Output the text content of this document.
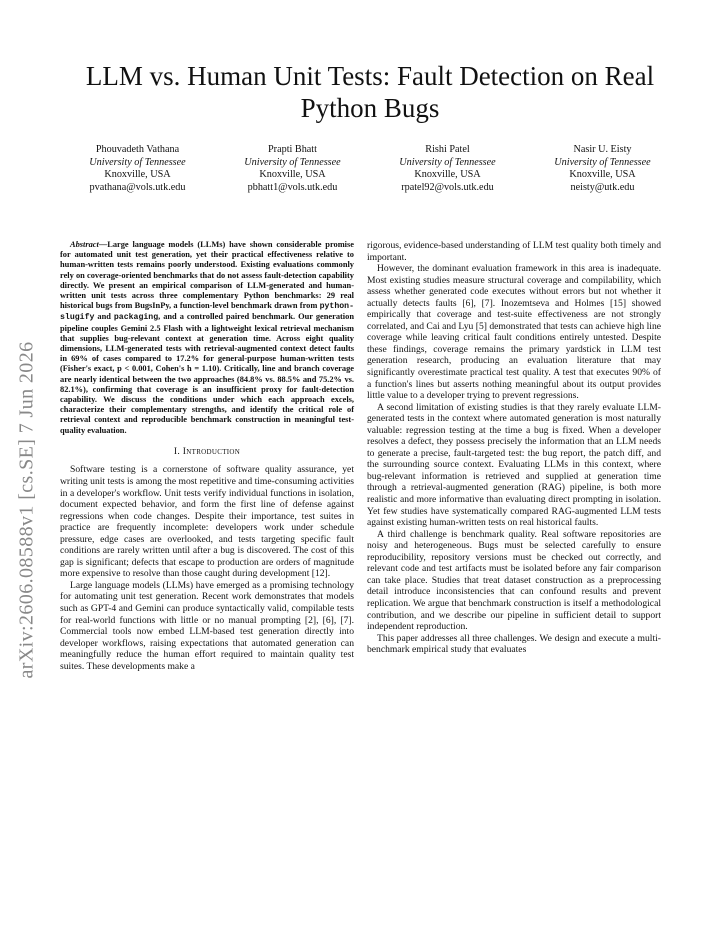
arXiv:2606.08588v1 [cs.SE] 7 Jun 2026
LLM vs. Human Unit Tests: Fault Detection on Real Python Bugs
Phouvadeth Vathana
University of Tennessee
Knoxville, USA
pvathana@vols.utk.edu
Prapti Bhatt
University of Tennessee
Knoxville, USA
pbhatt1@vols.utk.edu
Rishi Patel
University of Tennessee
Knoxville, USA
rpatel92@vols.utk.edu
Nasir U. Eisty
University of Tennessee
Knoxville, USA
neisty@utk.edu

Abstract—Large language models (LLMs) have shown considerable promise for automated unit test generation, yet their practical effectiveness relative to human-written tests remains poorly understood. Existing evaluations commonly rely on coverage-oriented benchmarks that do not assess fault-detection capability directly. We present an empirical comparison of LLM-generated and human-written unit tests across three complementary Python benchmarks: 29 real historical bugs from BugsInPy, a function-level benchmark drawn from python-slugify and packaging, and a controlled paired benchmark. Our generation pipeline couples Gemini 2.5 Flash with a lightweight lexical retrieval mechanism that supplies bug-relevant context at generation time. Across eight quality dimensions, LLM-generated tests with retrieval-augmented context detect faults in 69% of cases compared to 17.2% for general-purpose human-written tests (Fisher's exact, p < 0.001, Cohen's h = 1.10). Critically, line and branch coverage are nearly identical between the two approaches (84.8% vs. 88.5% and 75.2% vs. 82.1%), confirming that coverage is an insufficient proxy for fault-detection capability. We discuss the conditions under which each approach excels, characterize their complementary strengths, and identify the critical role of retrieval context and reproducible benchmark construction in meaningful test-quality evaluation.

I. Introduction

Software testing is a cornerstone of software quality assurance, yet writing unit tests is among the most repetitive and time-consuming activities in a developer's workflow. Unit tests verify individual functions in isolation, document expected behavior, and form the first line of defense against regressions when code changes. Despite their importance, test suites in practice are frequently incomplete: developers work under schedule pressure, edge cases are overlooked, and tests targeting specific fault conditions are rarely written until after a bug is discovered. The cost of this gap is significant; defects that escape to production are orders of magnitude more expensive to resolve than those caught during development [12].

Large language models (LLMs) have emerged as a promising technology for automating unit test generation. Recent work demonstrates that models such as GPT-4 and Gemini can produce syntactically valid, compilable tests for real-world functions with little or no manual prompting [2], [6], [7]. Commercial tools now embed LLM-based test generation directly into developer workflows, raising expectations that automated generation can meaningfully reduce the human effort required to maintain quality test suites. These developments make a

rigorous, evidence-based understanding of LLM test quality both timely and important.

However, the dominant evaluation framework in this area is inadequate. Most existing studies measure structural coverage and compilability, which assess whether generated code executes without errors but not whether it actually detects faults [6], [7]. Inozemtseva and Holmes [15] showed empirically that coverage and test-suite effectiveness are not strongly correlated, and Cai and Lyu [5] demonstrated that tests can achieve high line coverage while leaving critical fault conditions entirely untested. Despite these findings, coverage remains the primary yardstick in LLM test generation research, producing an evaluation literature that may significantly overestimate practical test quality. A test that executes 90% of a function's lines but asserts nothing meaningful about its output provides little value to a developer trying to prevent regressions.

A second limitation of existing studies is that they rarely evaluate LLM-generated tests in the context where automated generation is most naturally valuable: regression testing at the time a bug is fixed. When a developer resolves a defect, they possess precisely the information that an LLM needs to generate a precise, fault-targeted test: the bug report, the patch diff, and the surrounding source context. Evaluating LLMs in this context, where bug-relevant information is retrieved and supplied at generation time through a retrieval-augmented generation (RAG) pipeline, is both more realistic and more informative than evaluating direct prompting in isolation. Yet few studies have systematically compared RAG-augmented LLM tests against existing human-written tests on real historical faults.

A third challenge is benchmark quality. Real software repositories are noisy and heterogeneous. Bugs must be selected carefully to ensure reproducibility, repository versions must be checked out correctly, and relevant code and test artifacts must be isolated before any fair comparison can take place. Studies that treat dataset construction as a preprocessing detail introduce inconsistencies that can confound results and prevent replication. We argue that benchmark construction is itself a methodological contribution, and we describe our pipeline in sufficient detail to support independent reproduction.

This paper addresses all three challenges. We design and execute a multi-benchmark empirical study that evaluates
